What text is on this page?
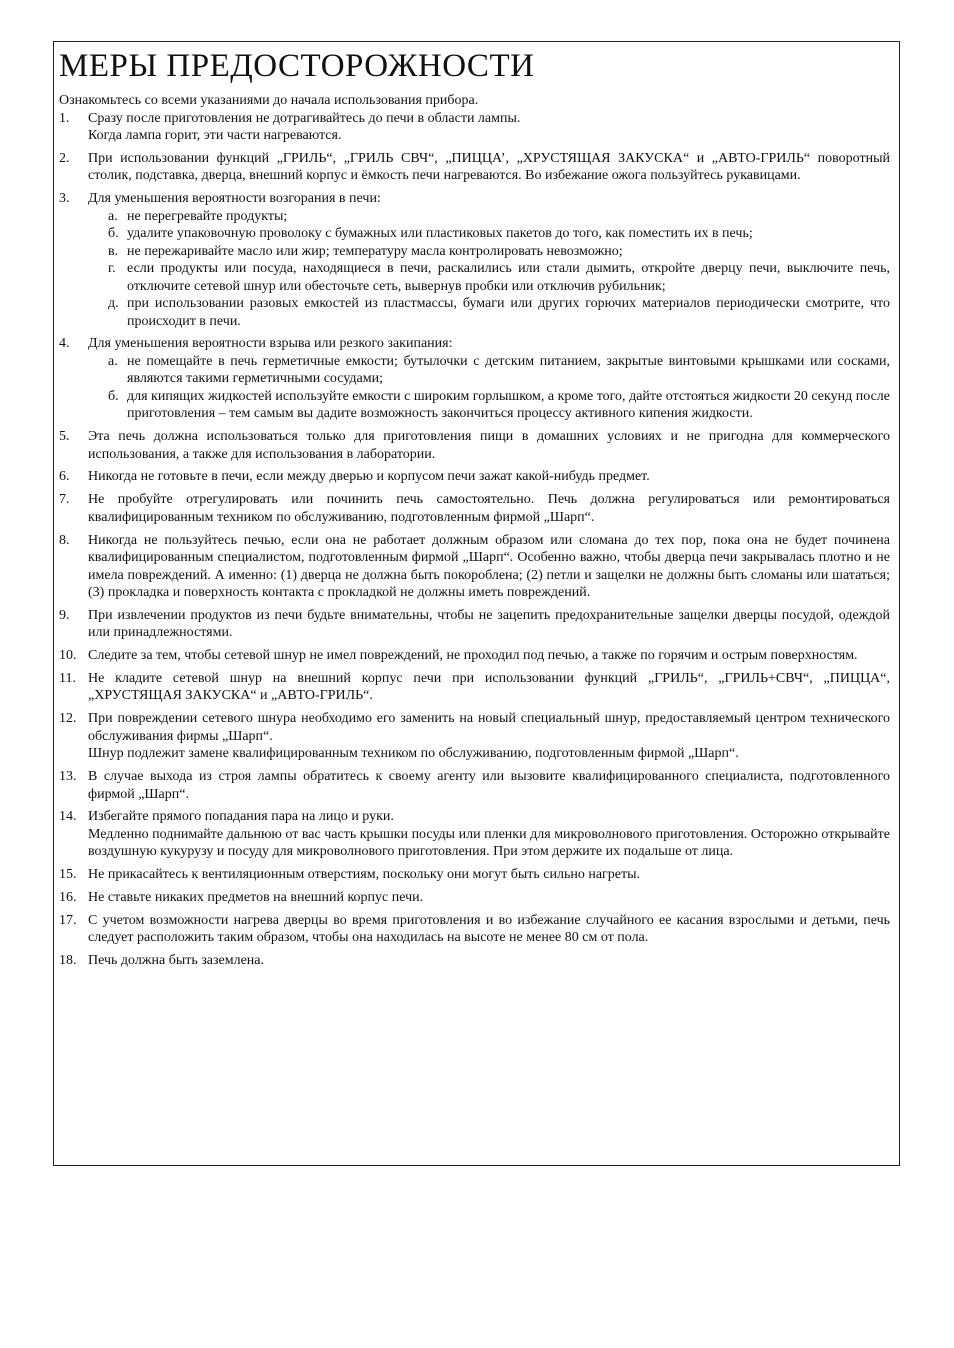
МЕРЫ ПРЕДОСТОРОЖНОСТИ

Ознакомьтесь со всеми указаниями до начала использования прибора.

1.	Сразу после приготовления не дотрагивайтесь до печи в области лампы.

Когда лампа горит, эти части нагреваются.

2.	При использовании функций „ГРИЛЬ“, „ГРИЛЬ СВЧ“, „ПИЦЦА’, „ХРУСТЯЩАЯ ЗАКУСКА“ и „АВТО-ГРИЛЬ“ поворотный столик, подставка, дверца, внешний корпус и ёмкость печи нагреваются. Во избежание ожога пользуйтесь рукавицами.

3.	Для уменьшения вероятности возгорания в печи:

а. не перегревайте продукты;
б. удалите упаковочную проволоку с бумажных или пластиковых пакетов до того, как поместить их в печь;
в. не пережаривайте масло или жир; температуру масла контролировать невозможно;
г. если продукты или посуда, находящиеся в печи, раскалились или стали дымить, откройте дверцу печи, выключите печь, отключите сетевой шнур или обесточьте сеть, вывернув пробки или отключив рубильник;
д. при использовании разовых емкостей из пластмассы, бумаги или других горючих материалов периодически смотрите, что происходит в печи.
4.	Для уменьшения вероятности взрыва или резкого закипания:

а. не помещайте в печь герметичные емкости; бутылочки с детским питанием, закрытые винтовыми крышками или сосками, являются такими герметичными сосудами;
б. для кипящих жидкостей используйте емкости с широким горлышком, а кроме того, дайте отстояться жидкости 20 секунд после приготовления – тем самым вы дадите возможность закончиться процессу активного кипения жидкости.
5.	Эта печь должна использоваться только для приготовления пищи в домашних условиях и не пригодна для коммерческого использования, а также для использования в лаборатории.

6.	Никогда не готовьте в печи, если между дверью и корпусом печи зажат какой-нибудь предмет.

7.	Не пробуйте отрегулировать или починить печь самостоятельно. Печь должна регулироваться или ремонтироваться квалифицированным техником по обслуживанию, подготовленным фирмой „Шарп“.

8.	Никогда не пользуйтесь печью, если она не работает должным образом или сломана до тех пор, пока она не будет починена квалифицированным специалистом, подготовленным фирмой „Шарп“. Особенно важно, чтобы дверца печи закрывалась плотно и не имела повреждений. А именно: (1) дверца не должна быть покороблена; (2) петли и защелки не должны быть сломаны или шататься; (3) прокладка и поверхность контакта с прокладкой не должны иметь повреждений.

9.	При извлечении продуктов из печи будьте внимательны, чтобы не зацепить предохранительные защелки дверцы посудой, одеждой или принадлежностями.

10. Следите за тем, чтобы сетевой шнур не имел повреждений, не проходил под печью, а также по горячим и острым поверхностям.

11. Не кладите сетевой шнур на внешний корпус печи при использовании функций „ГРИЛЬ“, „ГРИЛЬ+СВЧ“, „ПИЦЦА“, „ХРУСТЯЩАЯ ЗАКУСКА“ и „АВТО-ГРИЛЬ“.

12. При повреждении сетевого шнура необходимо его заменить на новый специальный шнур, предоставляемый центром технического обслуживания фирмы „Шарп“.

Шнур подлежит замене квалифицированным техником по обслуживанию, подготовленным фирмой „Шарп“.

13. В случае выхода из строя лампы обратитесь к своему агенту или вызовите квалифицированного специалиста, подготовленного фирмой „Шарп“.

14. Избегайте прямого попадания пара на лицо и руки.

Медленно поднимайте дальнюю от вас часть крышки посуды или пленки для микроволнового приготовления. Осторожно открывайте воздушную кукурузу и посуду для микроволнового приготовления. При этом держите их подальше от лица.

15. Не прикасайтесь к вентиляционным отверстиям, поскольку они могут быть сильно нагреты.

16. Не ставьте никаких предметов на внешний корпус печи.

17. С учетом возможности нагрева дверцы во время приготовления и во избежание случайного ее касания взрослыми и детьми, печь следует расположить таким образом, чтобы она находилась на высоте не менее 80 см от пола.

18. Печь должна быть заземлена.
